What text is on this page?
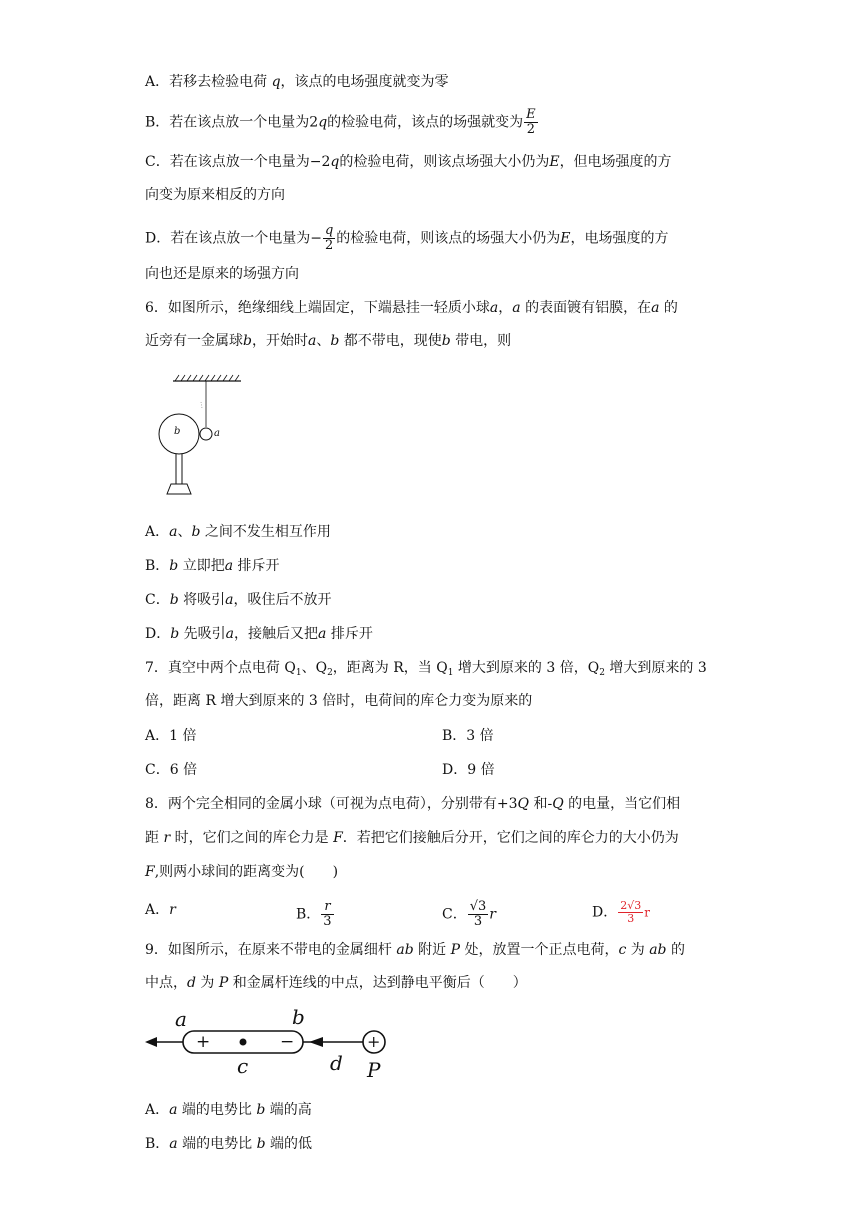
A．若移去检验电荷 q，该点的电场强度就变为零
B．若在该点放一个电量为2q的检验电荷，该点的场强就变为 $\frac{E}{2}$
C．若在该点放一个电量为−2q的检验电荷，则该点场强大小仍为E，但电场强度的方
向变为原来相反的方向
D．若在该点放一个电量为− $\frac{q}{2}$ 的检验电荷，则该点的场强大小仍为E，电场强度的方
向也还是原来的场强方向
6．如图所示，绝缘细线上端固定，下端悬挂一轻质小球a，a 的表面镀有铝膜，在a 的
近旁有一金属球b，开始时a、b 都不带电，现使b 带电，则
b	a
A．a、b 之间不发生相互作用
B．b 立即把a 排斥开
C．b 将吸引a，吸住后不放开
D．b 先吸引a，接触后又把a 排斥开
7．真空中两个点电荷 $Q_1$、$Q_2$，距离为 R，当 $Q_1$ 增大到原来的 3 倍，$Q_2$ 增大到原来的 3
倍，距离 R 增大到原来的 3 倍时，电荷间的库仑力变为原来的
A．1 倍	B．3 倍
C．6 倍	D．9 倍
8．两个完全相同的金属小球（可视为点电荷），分别带有+3Q 和-Q 的电量，当它们相
距 r 时，它们之间的库仑力是 F．若把它们接触后分开，它们之间的库仑力的大小仍为
F,则两小球间的距离变为(　　)
A．r	B． $\frac{r}{3}$	C． $\frac{√3}{3}$ r	D． $\frac{2√3}{3}$ r
9．如图所示，在原来不带电的金属细杆 ab 附近 P 处，放置一个正点电荷，c 为 ab 的
中点，d 为 P 和金属杆连线的中点，达到静电平衡后（　　）
a	b
+	−	+
c	d P
A．a 端的电势比 b 端的高
B．a 端的电势比 b 端的低
